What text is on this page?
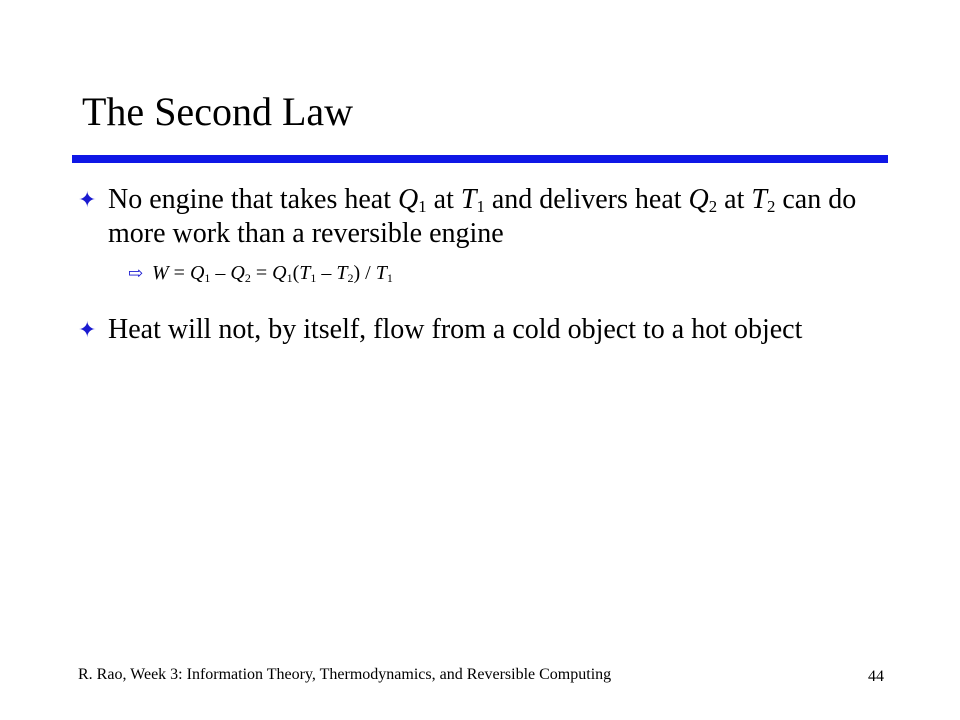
The Second Law
✦ No engine that takes heat $Q_1$ at $T_1$ and delivers heat $Q_2$ at $T_2$ can do more work than a reversible engine
⇨ $W = Q_1 - Q_2 = Q_1(T_1 - T_2) / T_1$
✦ Heat will not, by itself, flow from a cold object to a hot object
R. Rao, Week 3: Information Theory, Thermodynamics, and Reversible Computing	44
